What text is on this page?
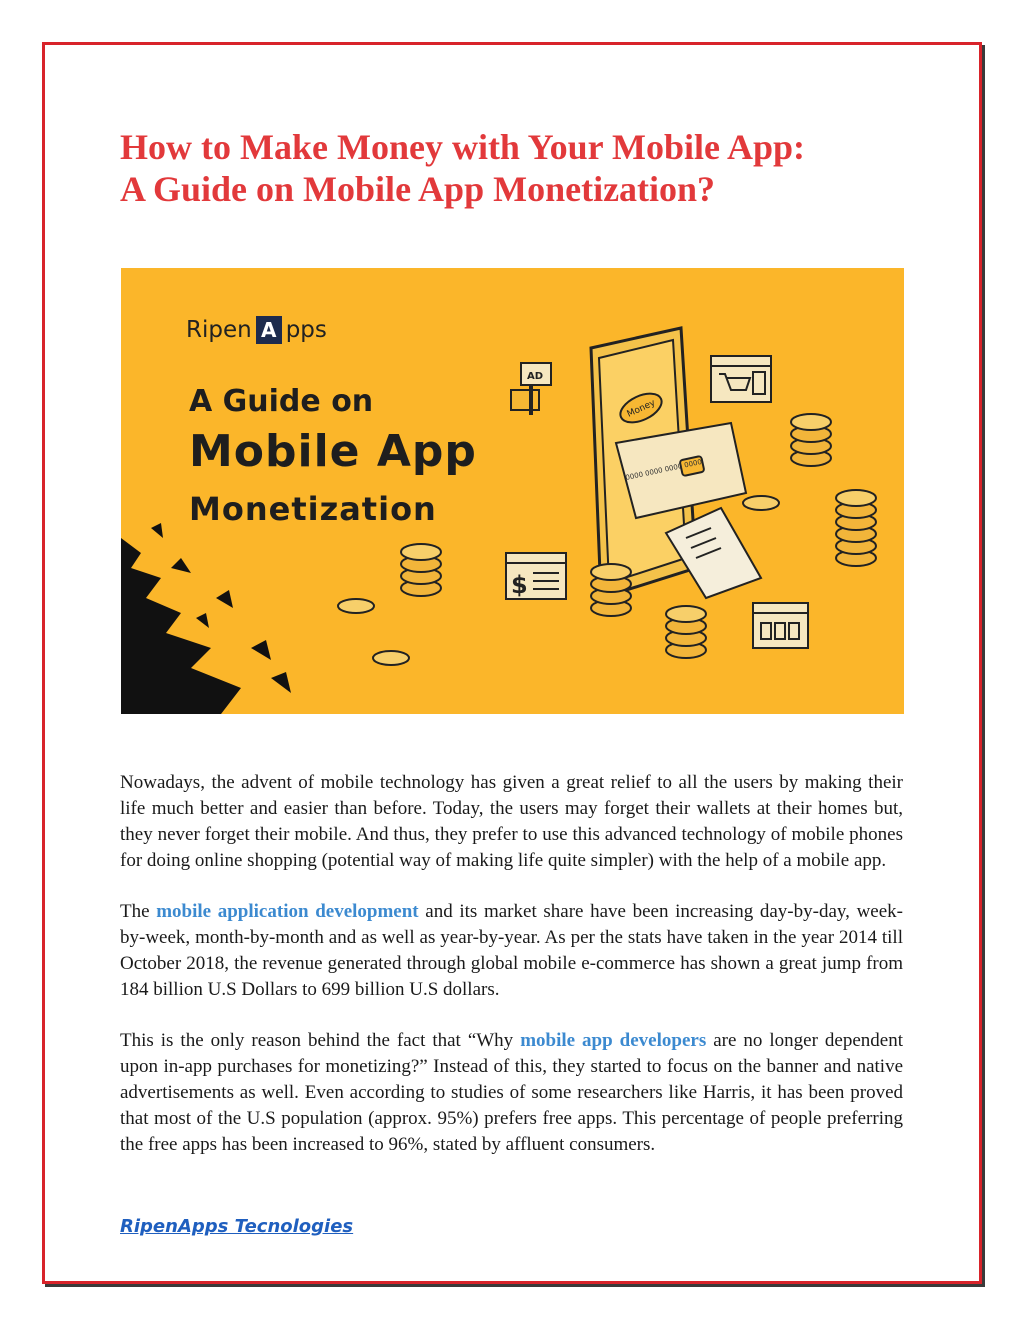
How to Make Money with Your Mobile App:
A Guide on Mobile App Monetization?
Money
0000 0000 0000 0000
AD
$
Ripen A pps
A Guide on
Mobile App
Monetization

Nowadays, the advent of mobile technology has given a great relief to all the users by making their life much better and easier than before. Today, the users may forget their wallets at their homes but, they never forget their mobile. And thus, they prefer to use this advanced technology of mobile phones for doing online shopping (potential way of making life quite simpler) with the help of a mobile app.

The mobile application development and its market share have been increasing day-by-day, week-by-week, month-by-month and as well as year-by-year. As per the stats have taken in the year 2014 till October 2018, the revenue generated through global mobile e-commerce has shown a great jump from 184 billion U.S Dollars to 699 billion U.S dollars.

This is the only reason behind the fact that “Why mobile app developers are no longer dependent upon in-app purchases for monetizing?” Instead of this, they started to focus on the banner and native advertisements as well. Even according to studies of some researchers like Harris, it has been proved that most of the U.S population (approx. 95%) prefers free apps. This percentage of people preferring the free apps has been increased to 96%, stated by affluent consumers.

RipenApps Tecnologies
